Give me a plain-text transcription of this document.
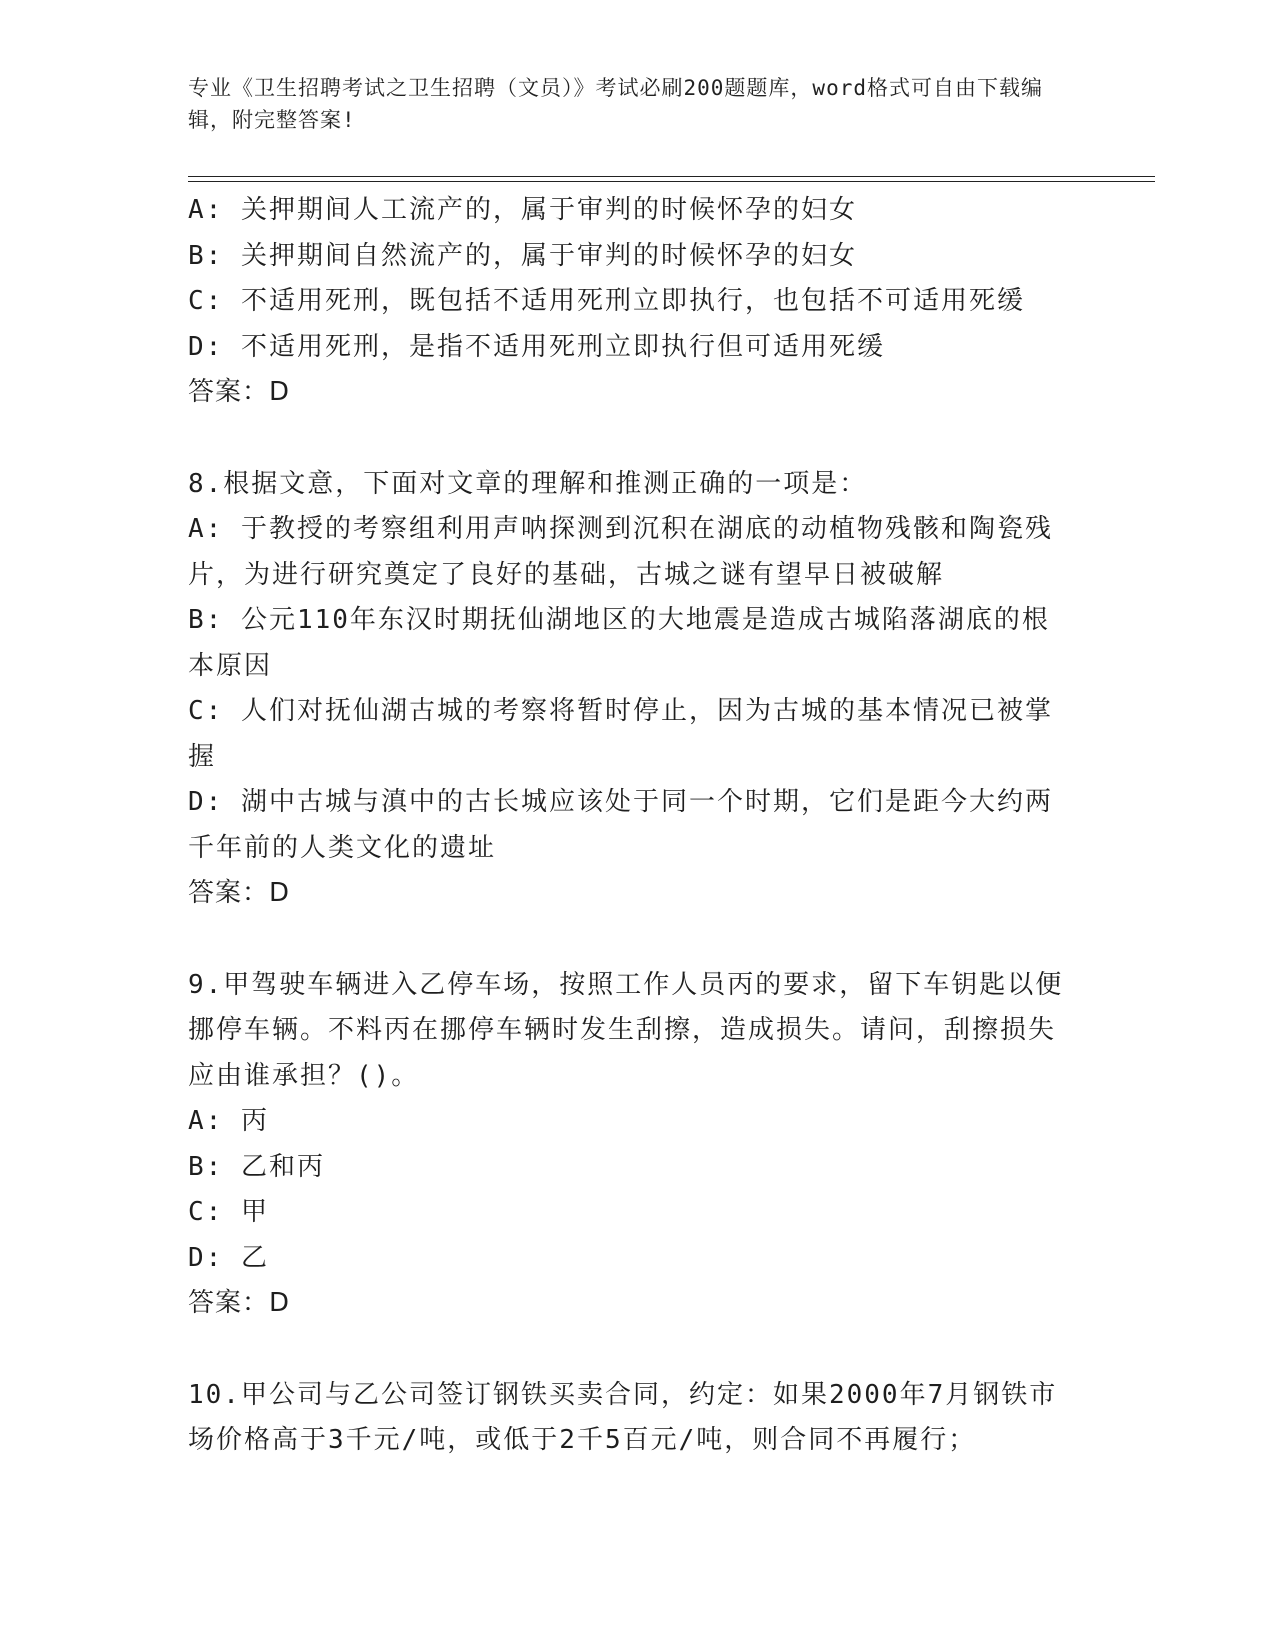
专业《卫生招聘考试之卫生招聘（文员）》考试必刷200题题库，word格式可自由下载编辑，附完整答案!

A: 关押期间人工流产的，属于审判的时候怀孕的妇女

B: 关押期间自然流产的，属于审判的时候怀孕的妇女

C: 不适用死刑，既包括不适用死刑立即执行，也包括不可适用死缓

D: 不适用死刑，是指不适用死刑立即执行但可适用死缓

答案：D

8.根据文意，下面对文章的理解和推测正确的一项是：

A: 于教授的考察组利用声呐探测到沉积在湖底的动植物残骸和陶瓷残片，为进行研究奠定了良好的基础，古城之谜有望早日被破解

B: 公元110年东汉时期抚仙湖地区的大地震是造成古城陷落湖底的根本原因

C: 人们对抚仙湖古城的考察将暂时停止，因为古城的基本情况已被掌握

D: 湖中古城与滇中的古长城应该处于同一个时期，它们是距今大约两千年前的人类文化的遗址

答案：D

9.甲驾驶车辆进入乙停车场，按照工作人员丙的要求，留下车钥匙以便挪停车辆。不料丙在挪停车辆时发生刮擦，造成损失。请问，刮擦损失应由谁承担？()。

A: 丙

B: 乙和丙

C: 甲

D: 乙

答案：D

10.甲公司与乙公司签订钢铁买卖合同，约定：如果2000年7月钢铁市场价格高于3千元/吨，或低于2千5百元/吨，则合同不再履行；
